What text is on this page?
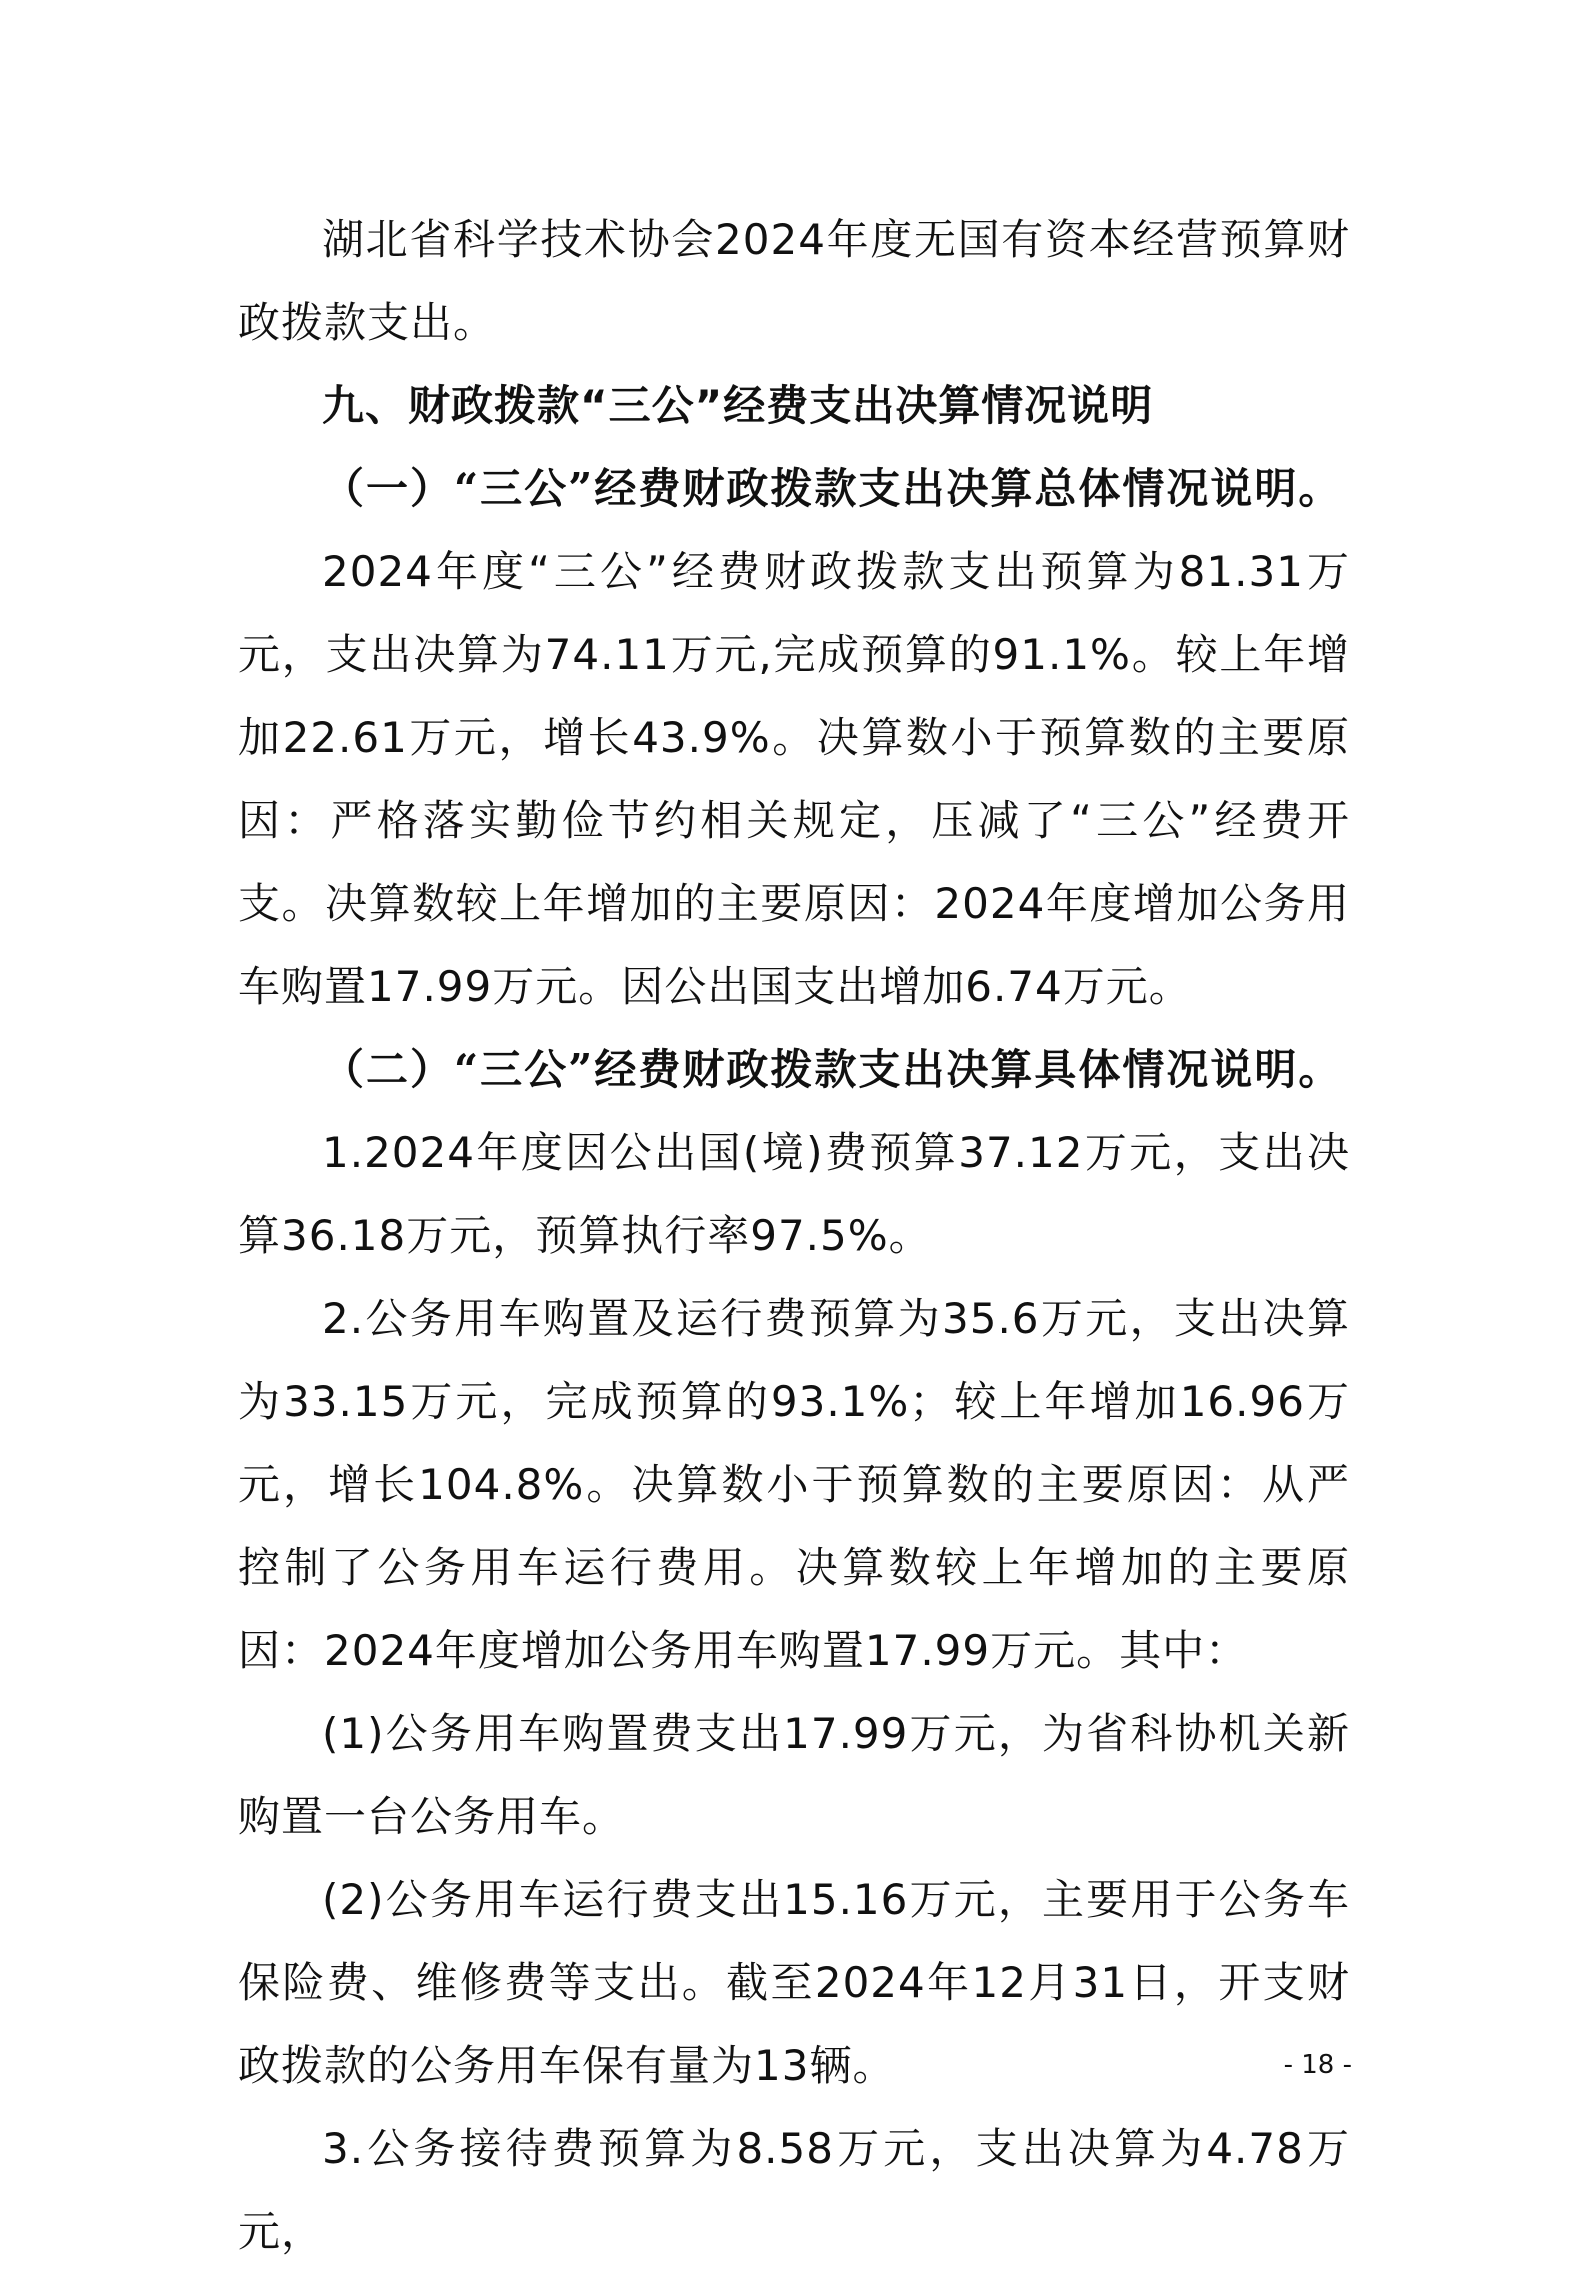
湖北省科学技术协会2024年度无国有资本经营预算财政拨款支出。

九、财政拨款“三公”经费支出决算情况说明

（一）“三公”经费财政拨款支出决算总体情况说明。

2024年度“三公”经费财政拨款支出预算为81.31万元，支出决算为74.11万元,完成预算的91.1%。较上年增加22.61万元，增长43.9%。决算数小于预算数的主要原因：严格落实勤俭节约相关规定，压减了“三公”经费开支。决算数较上年增加的主要原因：2024年度增加公务用车购置17.99万元。因公出国支出增加6.74万元。

（二）“三公”经费财政拨款支出决算具体情况说明。

1.2024年度因公出国(境)费预算37.12万元，支出决算36.18万元，预算执行率97.5%。

2.公务用车购置及运行费预算为35.6万元，支出决算为33.15万元，完成预算的93.1%；较上年增加16.96万元，增长104.8%。决算数小于预算数的主要原因：从严控制了公务用车运行费用。决算数较上年增加的主要原因：2024年度增加公务用车购置17.99万元。其中：

(1)公务用车购置费支出17.99万元，为省科协机关新购置一台公务用车。

(2)公务用车运行费支出15.16万元，主要用于公务车保险费、维修费等支出。截至2024年12月31日，开支财政拨款的公务用车保有量为13辆。

3.公务接待费预算为8.58万元，支出决算为4.78万元，

- 18 -
